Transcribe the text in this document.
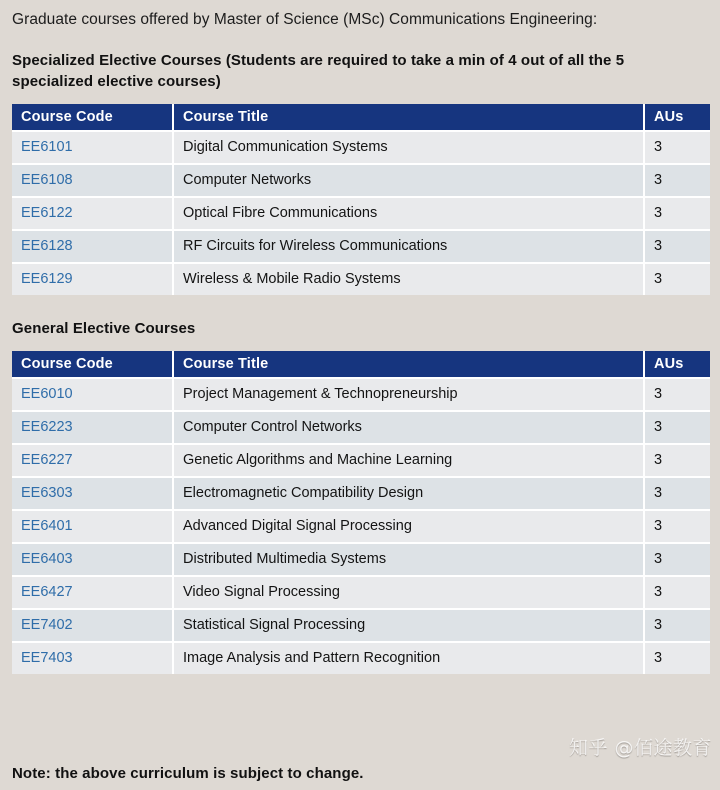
Graduate courses offered by Master of Science (MSc) Communications Engineering:
Specialized Elective Courses (Students are required to take a min of 4 out of all the 5 specialized elective courses)
Course Code	Course Title	AUs
EE6101	Digital Communication Systems	3
EE6108	Computer Networks	3
EE6122	Optical Fibre Communications	3
EE6128	RF Circuits for Wireless Communications	3
EE6129	Wireless & Mobile Radio Systems	3
General Elective Courses
Course Code	Course Title	AUs
EE6010	Project Management & Technopreneurship	3
EE6223	Computer Control Networks	3
EE6227	Genetic Algorithms and Machine Learning	3
EE6303	Electromagnetic Compatibility Design	3
EE6401	Advanced Digital Signal Processing	3
EE6403	Distributed Multimedia Systems	3
EE6427	Video Signal Processing	3
EE7402	Statistical Signal Processing	3
EE7403	Image Analysis and Pattern Recognition	3
知乎 @佰途教育
Note: the above curriculum is subject to change.
